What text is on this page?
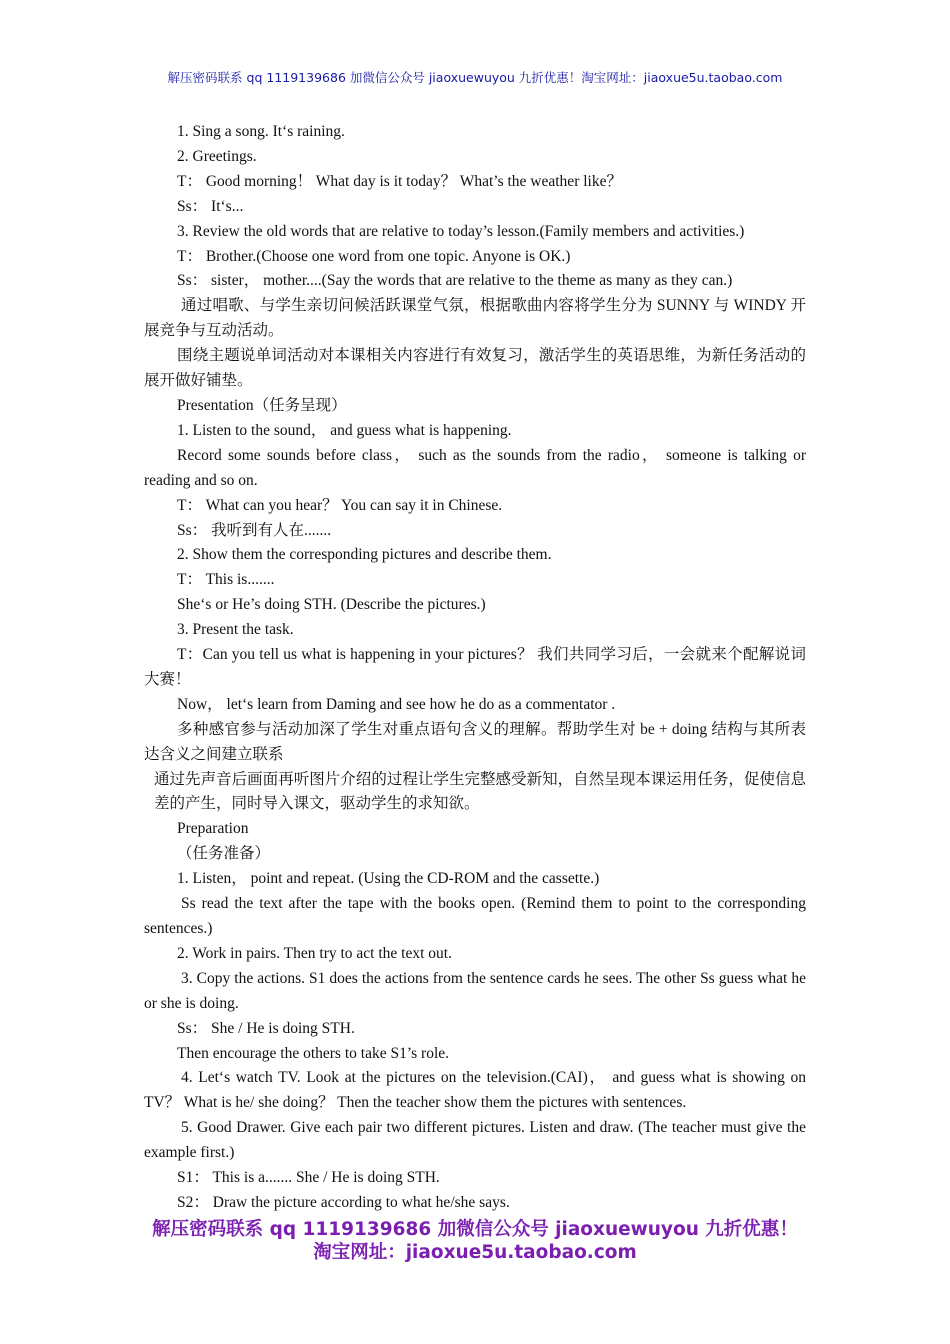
解压密码联系 qq 1119139686 加微信公众号 jiaoxuewuyou 九折优惠！淘宝网址：jiaoxue5u.taobao.com

1. Sing a song. It‘s raining.

2. Greetings.

T： Good morning！ What day is it today？ What’s the weather like？

Ss： It‘s...

3. Review the old words that are relative to today’s lesson.(Family members and activities.)

T： Brother.(Choose one word from one topic. Anyone is OK.)

Ss： sister， mother....(Say the words that are relative to the theme as many as they can.)

通过唱歌、与学生亲切问候活跃课堂气氛，根据歌曲内容将学生分为 SUNNY 与 WINDY 开展竞争与互动活动。

围绕主题说单词活动对本课相关内容进行有效复习，激活学生的英语思维，为新任务活动的展开做好铺垫。

Presentation（任务呈现）

1. Listen to the sound， and guess what is happening.

Record some sounds before class， such as the sounds from the radio， someone is talking or reading and so on.

T： What can you hear？ You can say it in Chinese.

Ss： 我听到有人在.......

2. Show them the corresponding pictures and describe them.

T： This is.......

She‘s or He’s doing STH. (Describe the pictures.)

3. Present the task.

T：Can you tell us what is happening in your pictures？ 我们共同学习后，一会就来个配解说词大赛！

Now， let‘s learn from Daming and see how he do as a commentator .

多种感官参与活动加深了学生对重点语句含义的理解。帮助学生对 be + doing 结构与其所表达含义之间建立联系

通过先声音后画面再听图片介绍的过程让学生完整感受新知，自然呈现本课运用任务，促使信息差的产生，同时导入课文，驱动学生的求知欲。

Preparation

（任务准备）

1. Listen， point and repeat. (Using the CD-ROM and the cassette.)

Ss read the text after the tape with the books open. (Remind them to point to the corresponding sentences.)

2. Work in pairs. Then try to act the text out.

3. Copy the actions. S1 does the actions from the sentence cards he sees. The other Ss guess what he or she is doing.

Ss： She / He is doing STH.

Then encourage the others to take S1’s role.

4. Let‘s watch TV. Look at the pictures on the television.(CAI)， and guess what is showing on TV？ What is he/ she doing？ Then the teacher show them the pictures with sentences.

5. Good Drawer. Give each pair two different pictures. Listen and draw. (The teacher must give the example first.)

S1： This is a....... She / He is doing STH.

S2： Draw the picture according to what he/she says.

解压密码联系 qq 1119139686 加微信公众号 jiaoxuewuyou 九折优惠！
淘宝网址：jiaoxue5u.taobao.com
